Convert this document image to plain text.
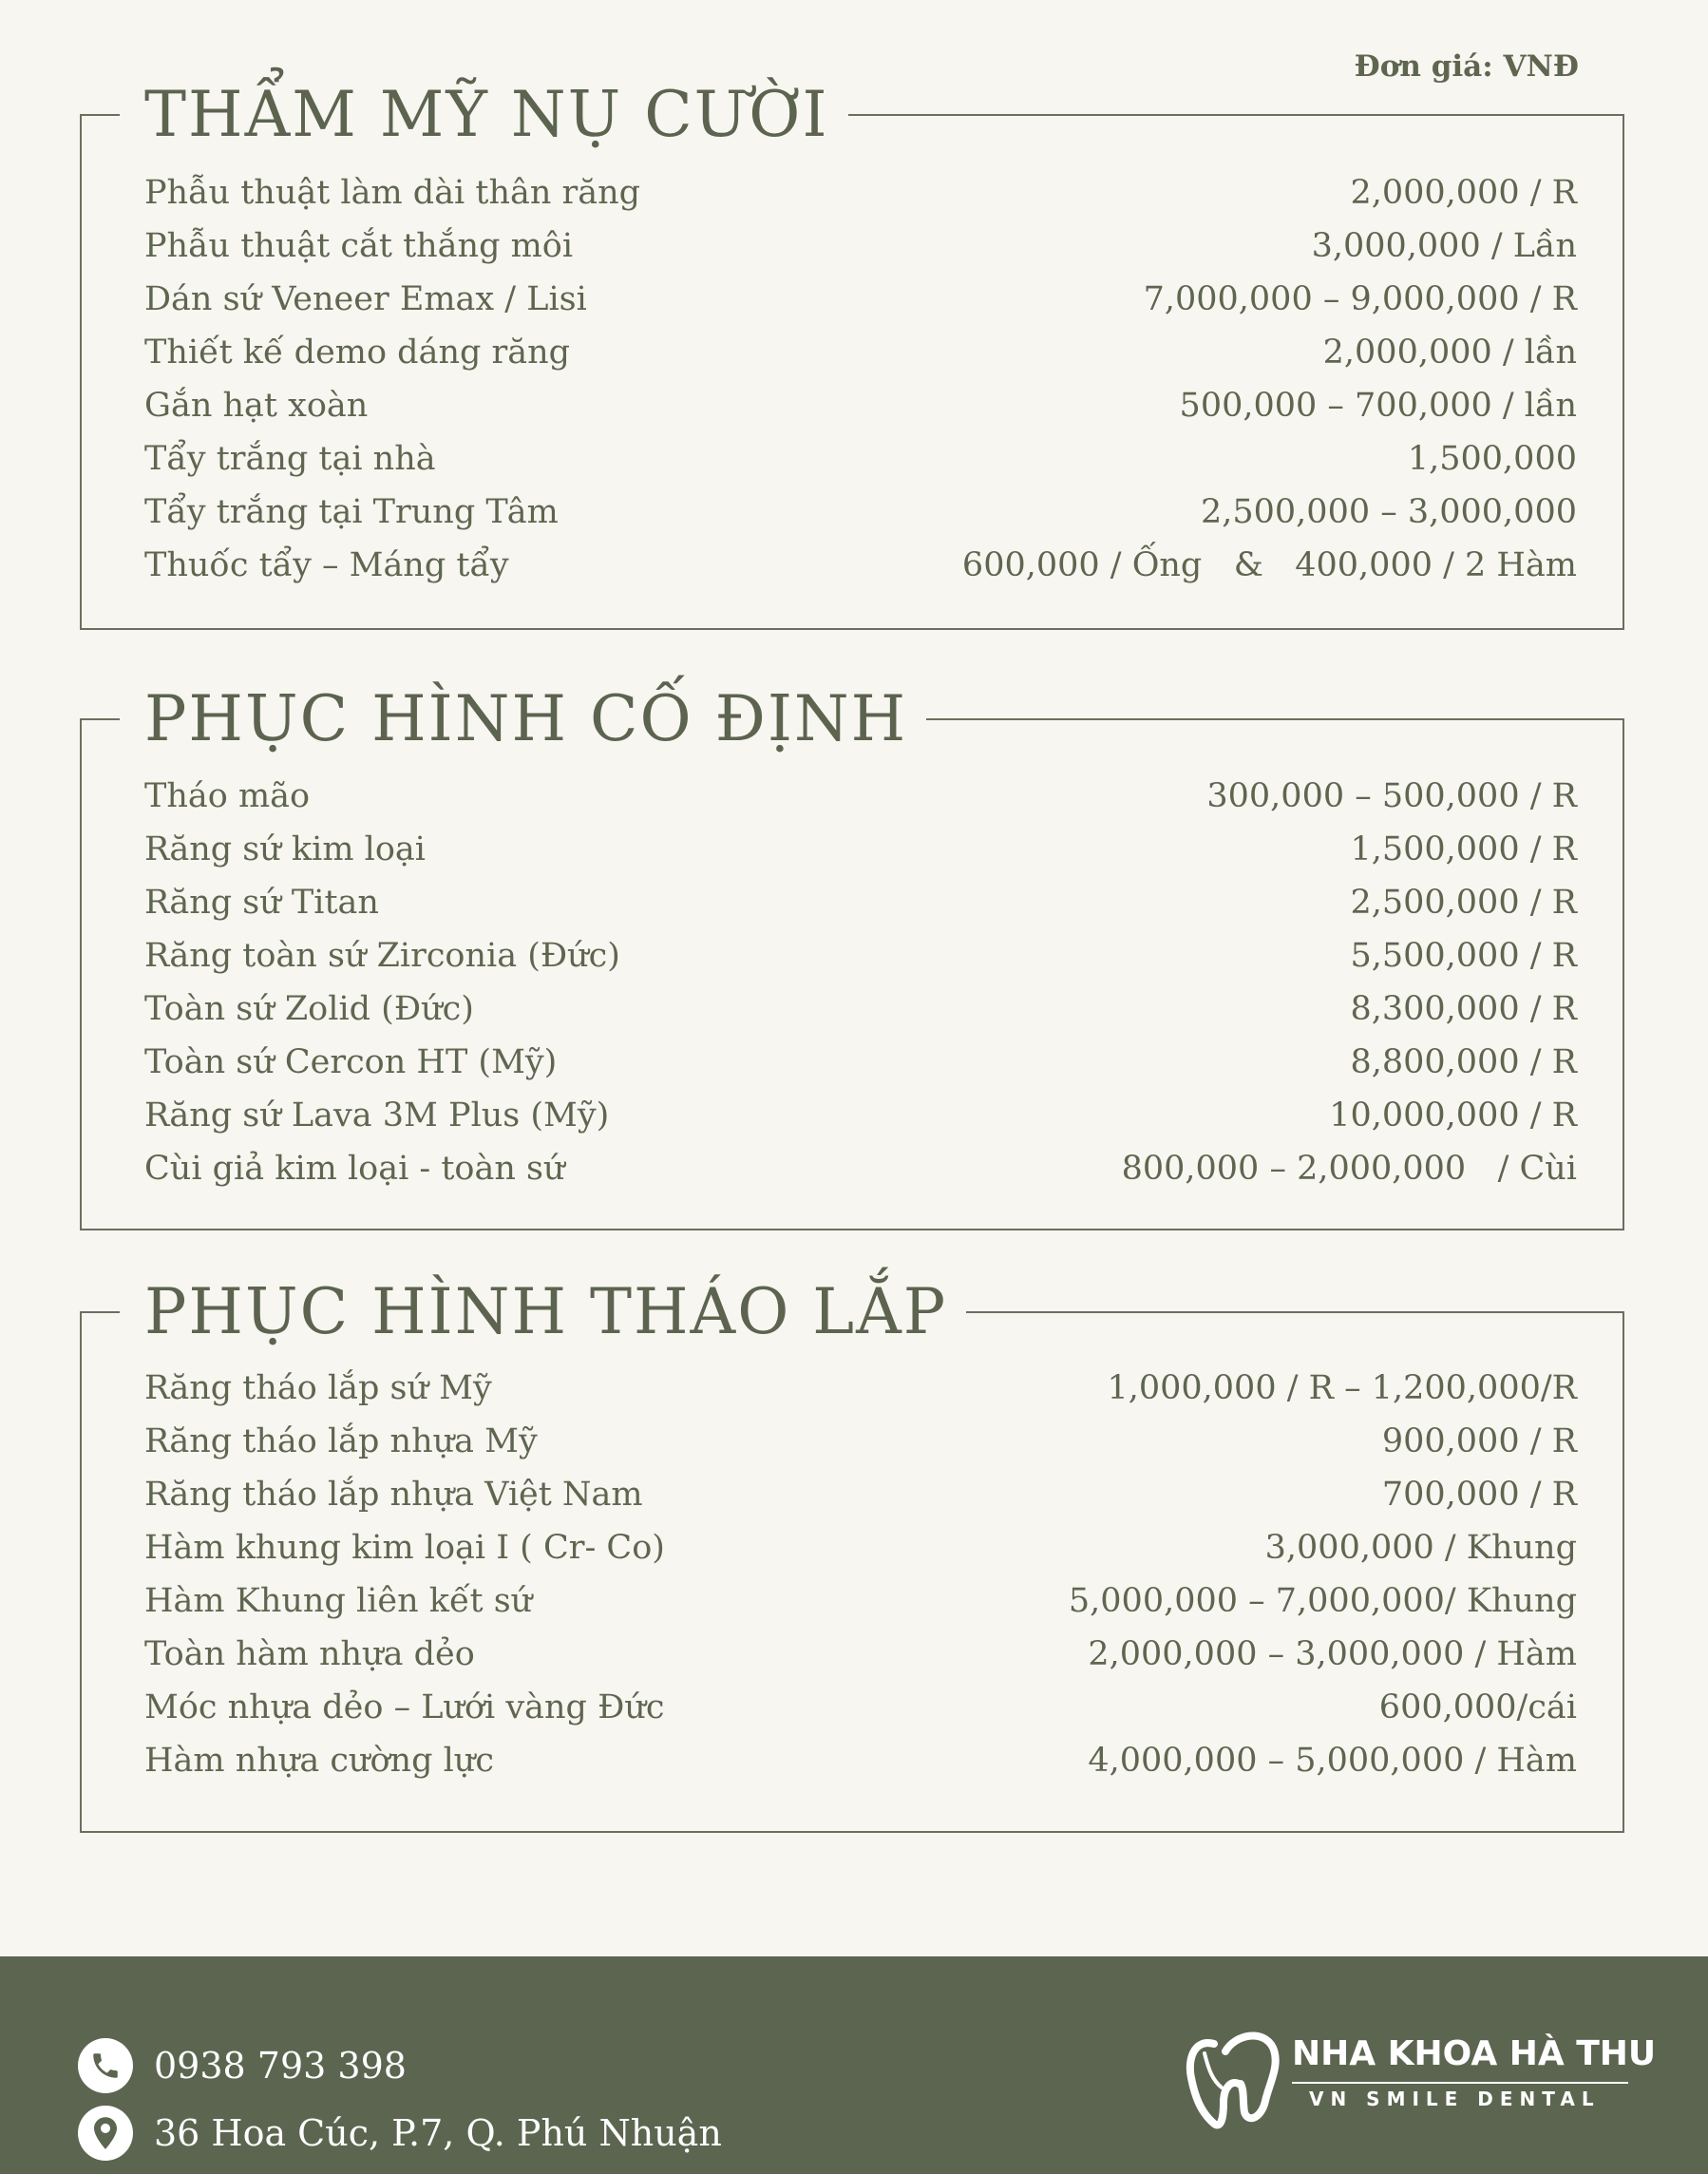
Đơn giá: VNĐ
THẨM MỸ NỤ CƯỜI
Phẫu thuật làm dài thân răng	2,000,000 / R
Phẫu thuật cắt thắng môi	3,000,000 / Lần
Dán sứ Veneer Emax / Lisi	7,000,000 – 9,000,000 / R
Thiết kế demo dáng răng	2,000,000 / lần
Gắn hạt xoàn	500,000 – 700,000 / lần
Tẩy trắng tại nhà	1,500,000
Tẩy trắng tại Trung Tâm	2,500,000 – 3,000,000
Thuốc tẩy – Máng tẩy	600,000 / Ống   &   400,000 / 2 Hàm
PHỤC HÌNH CỐ ĐỊNH
Tháo mão	300,000 – 500,000 / R
Răng sứ kim loại	1,500,000 / R
Răng sứ Titan	2,500,000 / R
Răng toàn sứ Zirconia (Đức)	5,500,000 / R
Toàn sứ Zolid (Đức)	8,300,000 / R
Toàn sứ Cercon HT (Mỹ)	8,800,000 / R
Răng sứ Lava 3M Plus (Mỹ)	10,000,000 / R
Cùi giả kim loại - toàn sứ	800,000 – 2,000,000   / Cùi
PHỤC HÌNH THÁO LẮP
Răng tháo lắp sứ Mỹ	1,000,000 / R – 1,200,000/R
Răng tháo lắp nhựa Mỹ	900,000 / R
Răng tháo lắp nhựa Việt Nam	700,000 / R
Hàm khung kim loại I ( Cr- Co)	3,000,000 / Khung
Hàm Khung liên kết sứ	5,000,000 – 7,000,000/ Khung
Toàn hàm nhựa dẻo	2,000,000 – 3,000,000 / Hàm
Móc nhựa dẻo – Lưới vàng Đức	600,000/cái
Hàm nhựa cường lực	4,000,000 – 5,000,000 / Hàm
0938 793 398
36 Hoa Cúc, P.7, Q. Phú Nhuận
NHA KHOA HÀ THU
VN SMILE DENTAL
